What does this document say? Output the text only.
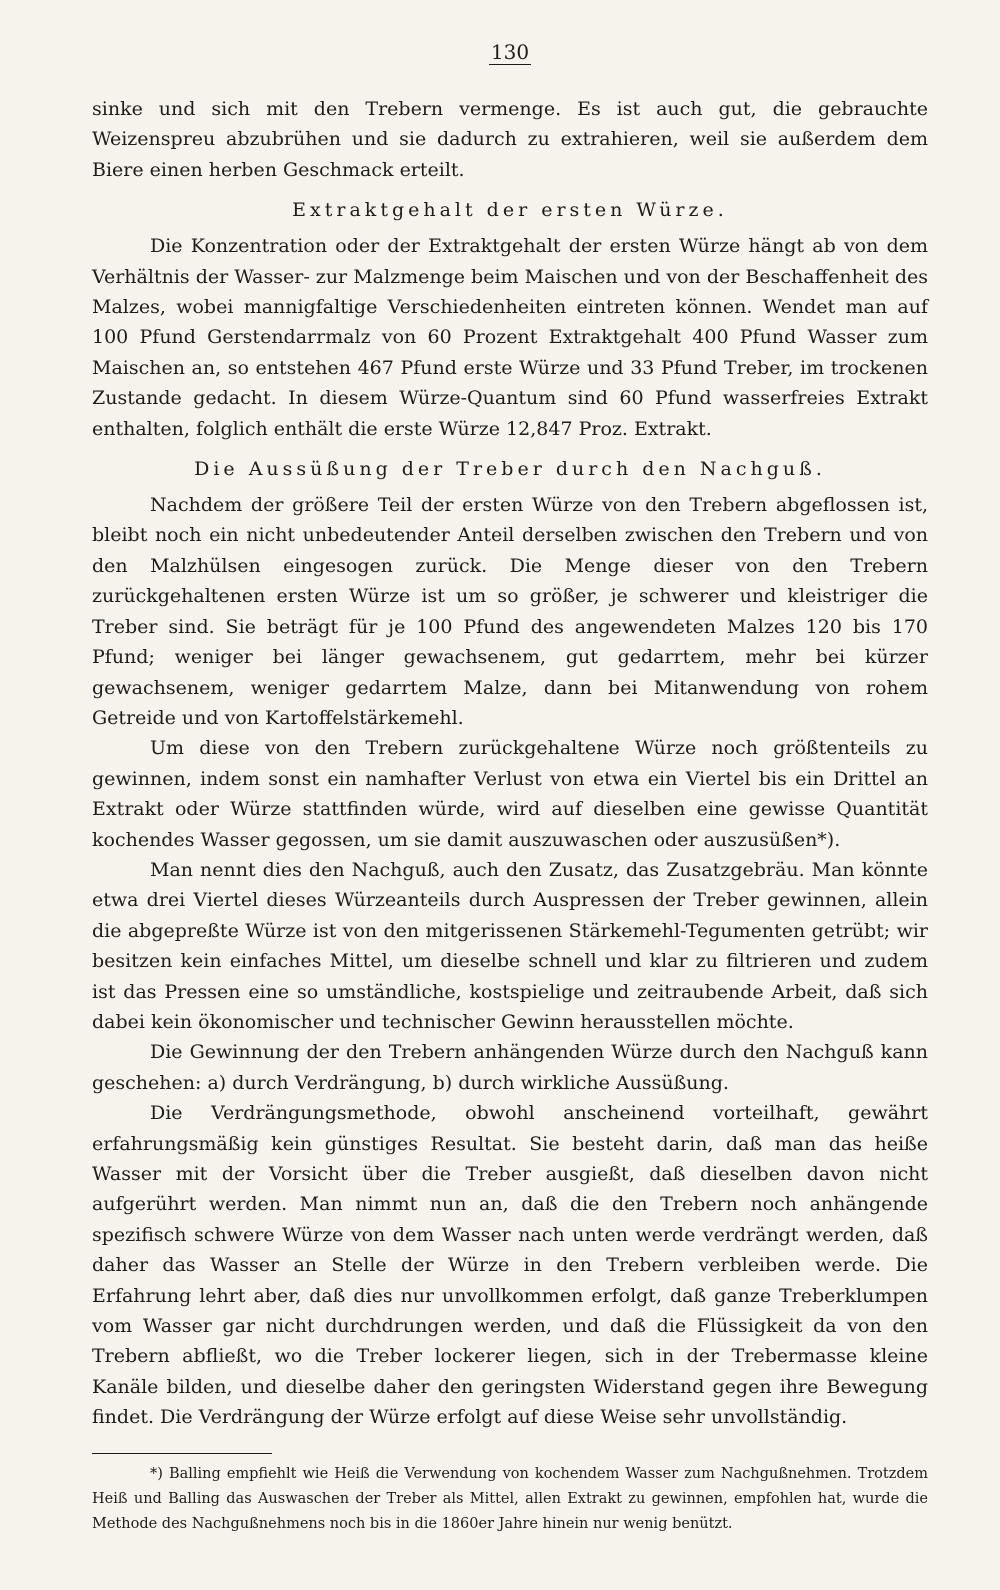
130

sinke und sich mit den Trebern vermenge. Es ist auch gut, die gebrauchte Weizenspreu abzubrühen und sie dadurch zu extrahieren, weil sie außerdem dem Biere einen herben Geschmack erteilt.

Extraktgehalt der ersten Würze.

Die Konzentration oder der Extraktgehalt der ersten Würze hängt ab von dem Verhältnis der Wasser- zur Malzmenge beim Maischen und von der Beschaffenheit des Malzes, wobei mannigfaltige Verschiedenheiten eintreten können. Wendet man auf 100 Pfund Gerstendarrmalz von 60 Prozent Extraktgehalt 400 Pfund Wasser zum Maischen an, so entstehen 467 Pfund erste Würze und 33 Pfund Treber, im trockenen Zustande gedacht. In diesem Würze-Quantum sind 60 Pfund wasserfreies Extrakt enthalten, folglich enthält die erste Würze 12,847 Proz. Extrakt.

Die Aussüßung der Treber durch den Nachguß.

Nachdem der größere Teil der ersten Würze von den Trebern abgeflossen ist, bleibt noch ein nicht unbedeutender Anteil derselben zwischen den Trebern und von den Malzhülsen eingesogen zurück. Die Menge dieser von den Trebern zurückgehaltenen ersten Würze ist um so größer, je schwerer und kleistriger die Treber sind. Sie beträgt für je 100 Pfund des angewendeten Malzes 120 bis 170 Pfund; weniger bei länger gewachsenem, gut gedarrtem, mehr bei kürzer gewachsenem, weniger gedarrtem Malze, dann bei Mitanwendung von rohem Getreide und von Kartoffelstärkemehl.

Um diese von den Trebern zurückgehaltene Würze noch größtenteils zu gewinnen, indem sonst ein namhafter Verlust von etwa ein Viertel bis ein Drittel an Extrakt oder Würze stattfinden würde, wird auf dieselben eine gewisse Quantität kochendes Wasser gegossen, um sie damit auszuwaschen oder auszusüßen*).

Man nennt dies den Nachguß, auch den Zusatz, das Zusatzgebräu. Man könnte etwa drei Viertel dieses Würzeanteils durch Auspressen der Treber gewinnen, allein die abgepreßte Würze ist von den mitgerissenen Stärkemehl-Tegumenten getrübt; wir besitzen kein einfaches Mittel, um dieselbe schnell und klar zu filtrieren und zudem ist das Pressen eine so umständliche, kostspielige und zeitraubende Arbeit, daß sich dabei kein ökonomischer und technischer Gewinn herausstellen möchte.

Die Gewinnung der den Trebern anhängenden Würze durch den Nachguß kann geschehen: a) durch Verdrängung, b) durch wirkliche Aussüßung.

Die Verdrängungsmethode, obwohl anscheinend vorteilhaft, gewährt erfahrungsmäßig kein günstiges Resultat. Sie besteht darin, daß man das heiße Wasser mit der Vorsicht über die Treber ausgießt, daß dieselben davon nicht aufgerührt werden. Man nimmt nun an, daß die den Trebern noch anhängende spezifisch schwere Würze von dem Wasser nach unten werde verdrängt werden, daß daher das Wasser an Stelle der Würze in den Trebern verbleiben werde. Die Erfahrung lehrt aber, daß dies nur unvollkommen erfolgt, daß ganze Treberklumpen vom Wasser gar nicht durchdrungen werden, und daß die Flüssigkeit da von den Trebern abfließt, wo die Treber lockerer liegen, sich in der Trebermasse kleine Kanäle bilden, und dieselbe daher den geringsten Widerstand gegen ihre Bewegung findet. Die Verdrängung der Würze erfolgt auf diese Weise sehr unvollständig.

*) Balling empfiehlt wie Heiß die Verwendung von kochendem Wasser zum Nachgußnehmen. Trotzdem Heiß und Balling das Auswaschen der Treber als Mittel, allen Extrakt zu gewinnen, empfohlen hat, wurde die Methode des Nachgußnehmens noch bis in die 1860er Jahre hinein nur wenig benützt.
